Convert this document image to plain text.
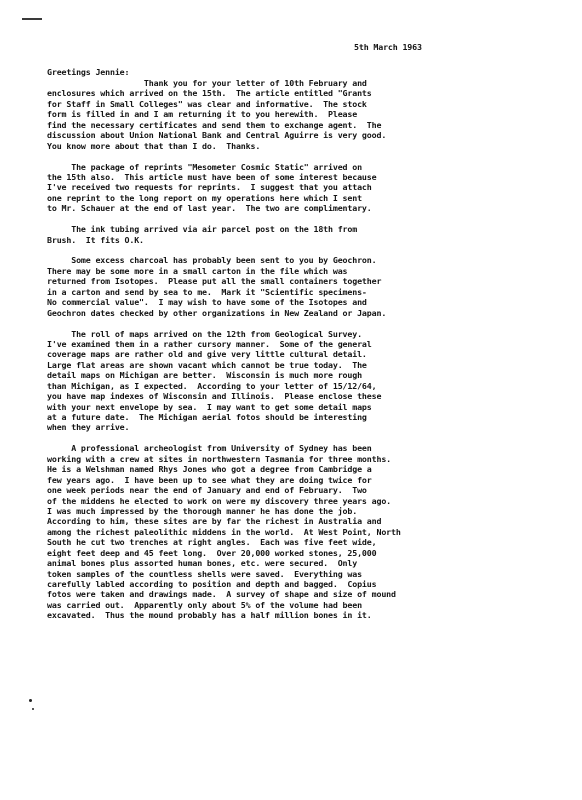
5th March 1963
Greetings Jennie:
Thank you for your letter of 10th February and
enclosures which arrived on the 15th.  The article entitled "Grants
for Staff in Small Colleges" was clear and informative.  The stock
form is filled in and I am returning it to you herewith.  Please
find the necessary certificates and send them to exchange agent.  The
discussion about Union National Bank and Central Aguirre is very good.
You know more about that than I do.  Thanks.
The package of reprints "Mesometer Cosmic Static" arrived on
the 15th also.  This article must have been of some interest because
I've received two requests for reprints.  I suggest that you attach
one reprint to the long report on my operations here which I sent
to Mr. Schauer at the end of last year.  The two are complimentary.
The ink tubing arrived via air parcel post on the 18th from
Brush.  It fits O.K.
Some excess charcoal has probably been sent to you by Geochron.
There may be some more in a small carton in the file which was
returned from Isotopes.  Please put all the small containers together
in a carton and send by sea to me.  Mark it "Scientific specimens-
No commercial value".  I may wish to have some of the Isotopes and
Geochron dates checked by other organizations in New Zealand or Japan.
The roll of maps arrived on the 12th from Geological Survey.
I've examined them in a rather cursory manner.  Some of the general
coverage maps are rather old and give very little cultural detail.
Large flat areas are shown vacant which cannot be true today.  The
detail maps on Michigan are better.  Wisconsin is much more rough
than Michigan, as I expected.  According to your letter of 15/12/64,
you have map indexes of Wisconsin and Illinois.  Please enclose these
with your next envelope by sea.  I may want to get some detail maps
at a future date.  The Michigan aerial fotos should be interesting
when they arrive.
A professional archeologist from University of Sydney has been
working with a crew at sites in northwestern Tasmania for three months.
He is a Welshman named Rhys Jones who got a degree from Cambridge a
few years ago.  I have been up to see what they are doing twice for
one week periods near the end of January and end of February.  Two
of the middens he elected to work on were my discovery three years ago.
I was much impressed by the thorough manner he has done the job.
According to him, these sites are by far the richest in Australia and
among the richest paleolithic middens in the world.  At West Point, North
South he cut two trenches at right angles.  Each was five feet wide,
eight feet deep and 45 feet long.  Over 20,000 worked stones, 25,000
animal bones plus assorted human bones, etc. were secured.  Only
token samples of the countless shells were saved.  Everything was
carefully labled according to position and depth and bagged.  Copius
fotos were taken and drawings made.  A survey of shape and size of mound
was carried out.  Apparently only about 5% of the volume had been
excavated.  Thus the mound probably has a half million bones in it.
